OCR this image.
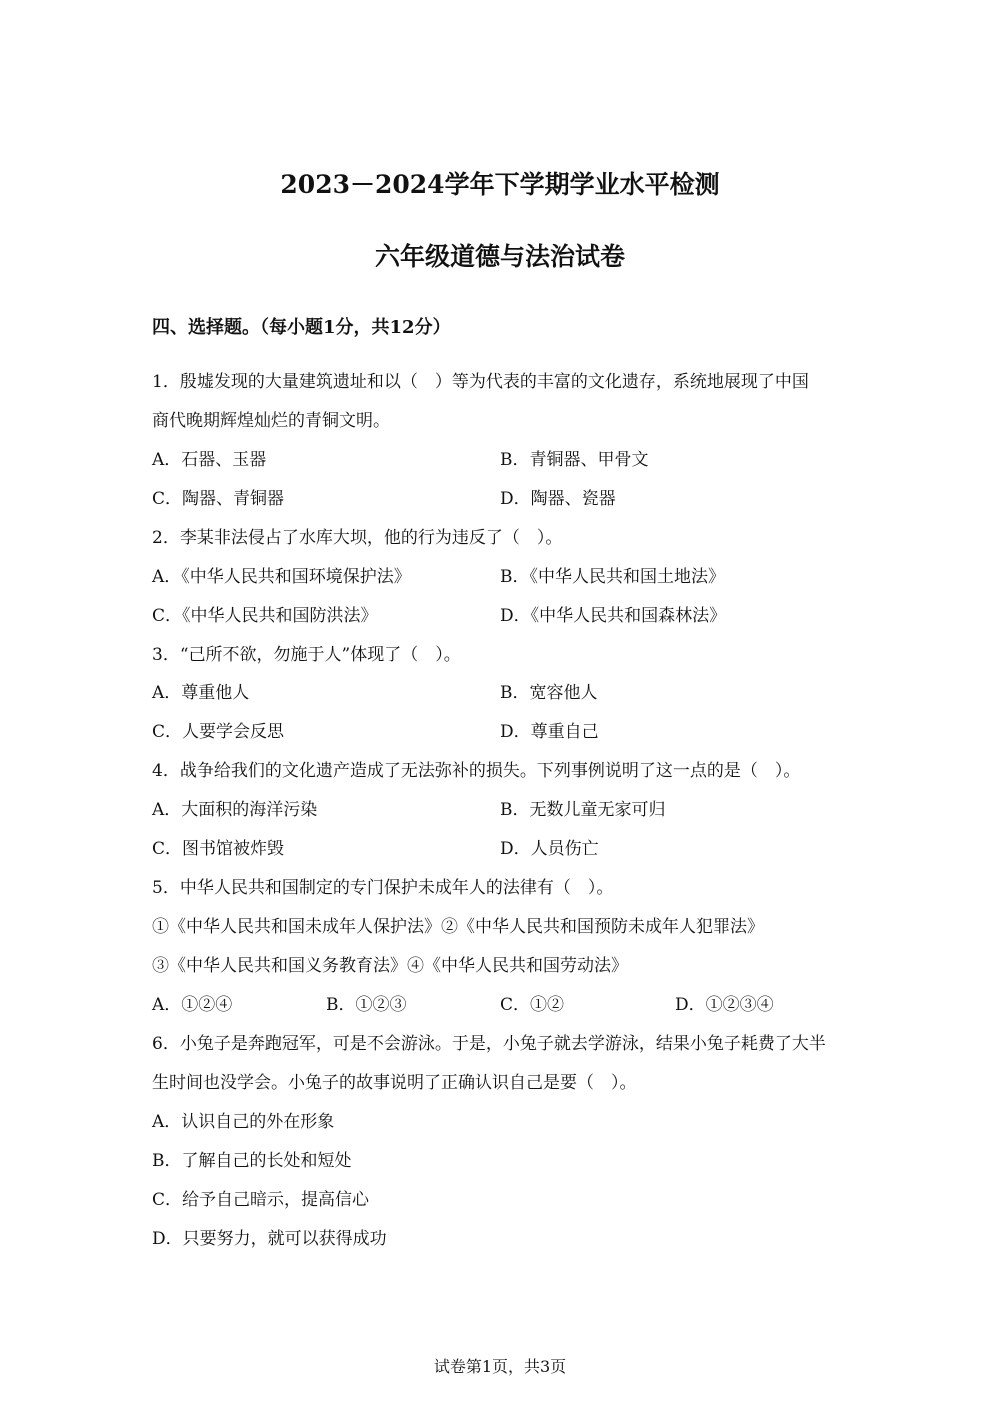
2023－2024学年下学期学业水平检测
六年级道德与法治试卷
四、选择题。（每小题1分，共12分）
1．殷墟发现的大量建筑遗址和以（　）等为代表的丰富的文化遗存，系统地展现了中国
商代晚期辉煌灿烂的青铜文明。
A．石器、玉器	B．青铜器、甲骨文
C．陶器、青铜器	D．陶器、瓷器
2．李某非法侵占了水库大坝，他的行为违反了（　）。
A．《中华人民共和国环境保护法》	B．《中华人民共和国土地法》
C．《中华人民共和国防洪法》	D．《中华人民共和国森林法》
3．“己所不欲，勿施于人”体现了（　）。
A．尊重他人	B．宽容他人
C．人要学会反思	D．尊重自己
4．战争给我们的文化遗产造成了无法弥补的损失。下列事例说明了这一点的是（　）。
A．大面积的海洋污染	B．无数儿童无家可归
C．图书馆被炸毁	D．人员伤亡
5．中华人民共和国制定的专门保护未成年人的法律有（　）。
①《中华人民共和国未成年人保护法》②《中华人民共和国预防未成年人犯罪法》
③《中华人民共和国义务教育法》④《中华人民共和国劳动法》
A．①②④	B．①②③	C．①②	D．①②③④
6．小兔子是奔跑冠军，可是不会游泳。于是，小兔子就去学游泳，结果小兔子耗费了大半
生时间也没学会。小兔子的故事说明了正确认识自己是要（　）。
A．认识自己的外在形象
B．了解自己的长处和短处
C．给予自己暗示，提高信心
D．只要努力，就可以获得成功
试卷第1页，共3页
